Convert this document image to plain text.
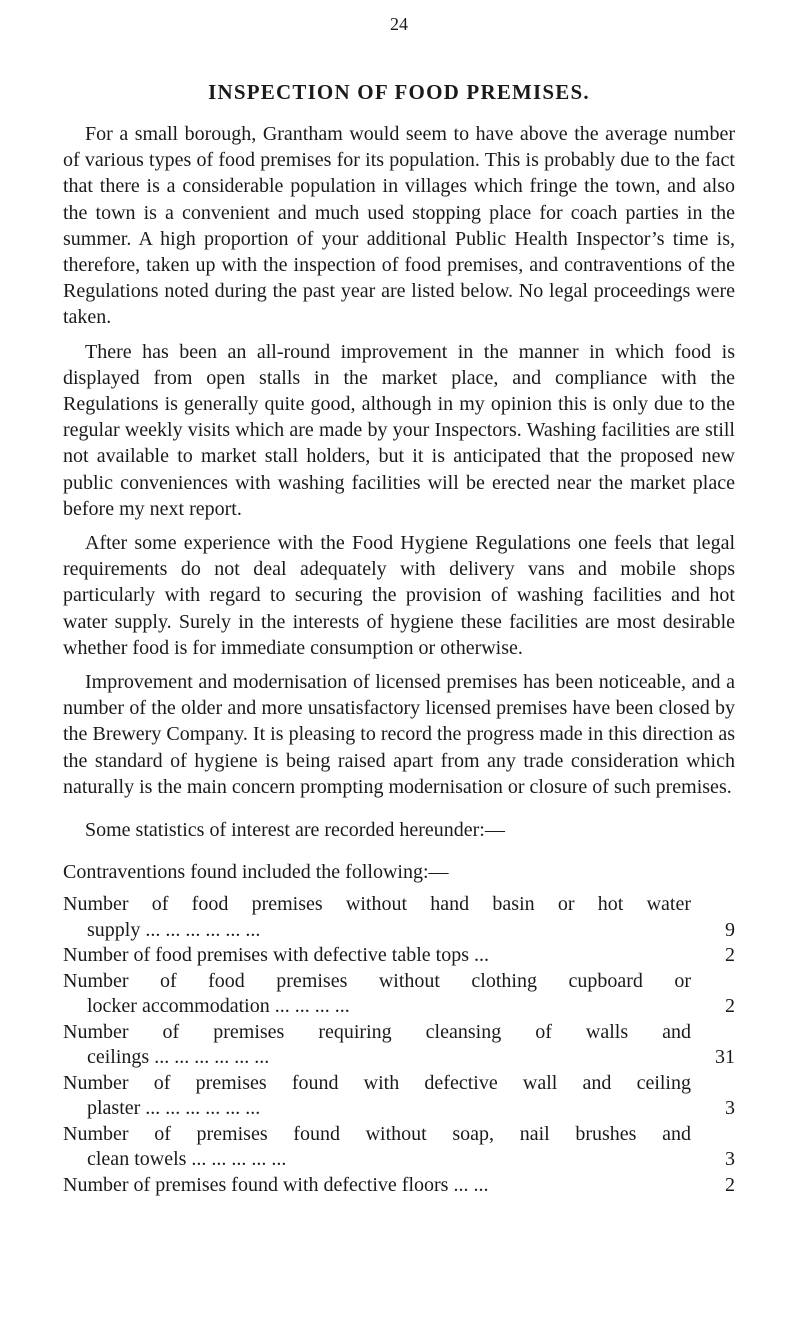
24
INSPECTION OF FOOD PREMISES.

For a small borough, Grantham would seem to have above the average number of various types of food premises for its population. This is probably due to the fact that there is a considerable population in villages which fringe the town, and also the town is a convenient and much used stopping place for coach parties in the summer. A high proportion of your additional Public Health Inspector’s time is, therefore, taken up with the inspection of food premises, and contraventions of the Regulations noted during the past year are listed below. No legal proceedings were taken.

There has been an all-round improvement in the manner in which food is displayed from open stalls in the market place, and compliance with the Regulations is generally quite good, although in my opinion this is only due to the regular weekly visits which are made by your Inspectors. Washing facilities are still not available to market stall holders, but it is anticipated that the proposed new public conveniences with washing facilities will be erected near the market place before my next report.

After some experience with the Food Hygiene Regulations one feels that legal requirements do not deal adequately with delivery vans and mobile shops particularly with regard to securing the provision of washing facilities and hot water supply. Surely in the interests of hygiene these facilities are most desirable whether food is for immediate consumption or otherwise.

Improvement and modernisation of licensed premises has been noticeable, and a number of the older and more unsatisfactory licensed premises have been closed by the Brewery Company. It is pleasing to record the progress made in this direction as the standard of hygiene is being raised apart from any trade consideration which naturally is the main concern prompting modernisation or closure of such premises.

Some statistics of interest are recorded hereunder:—

Contraventions found included the following:—

Number of food premises without hand basin or hot water
supply ... ... ... ... ... ...	9
Number of food premises with defective table tops ...	2
Number of food premises without clothing cupboard or
locker accommodation ... ... ... ...	2
Number of premises requiring cleansing of walls and
ceilings ... ... ... ... ... ...	31
Number of premises found with defective wall and ceiling
plaster ... ... ... ... ... ...	3
Number of premises found without soap, nail brushes and
clean towels ... ... ... ... ...	3
Number of premises found with defective floors ... ...	2
